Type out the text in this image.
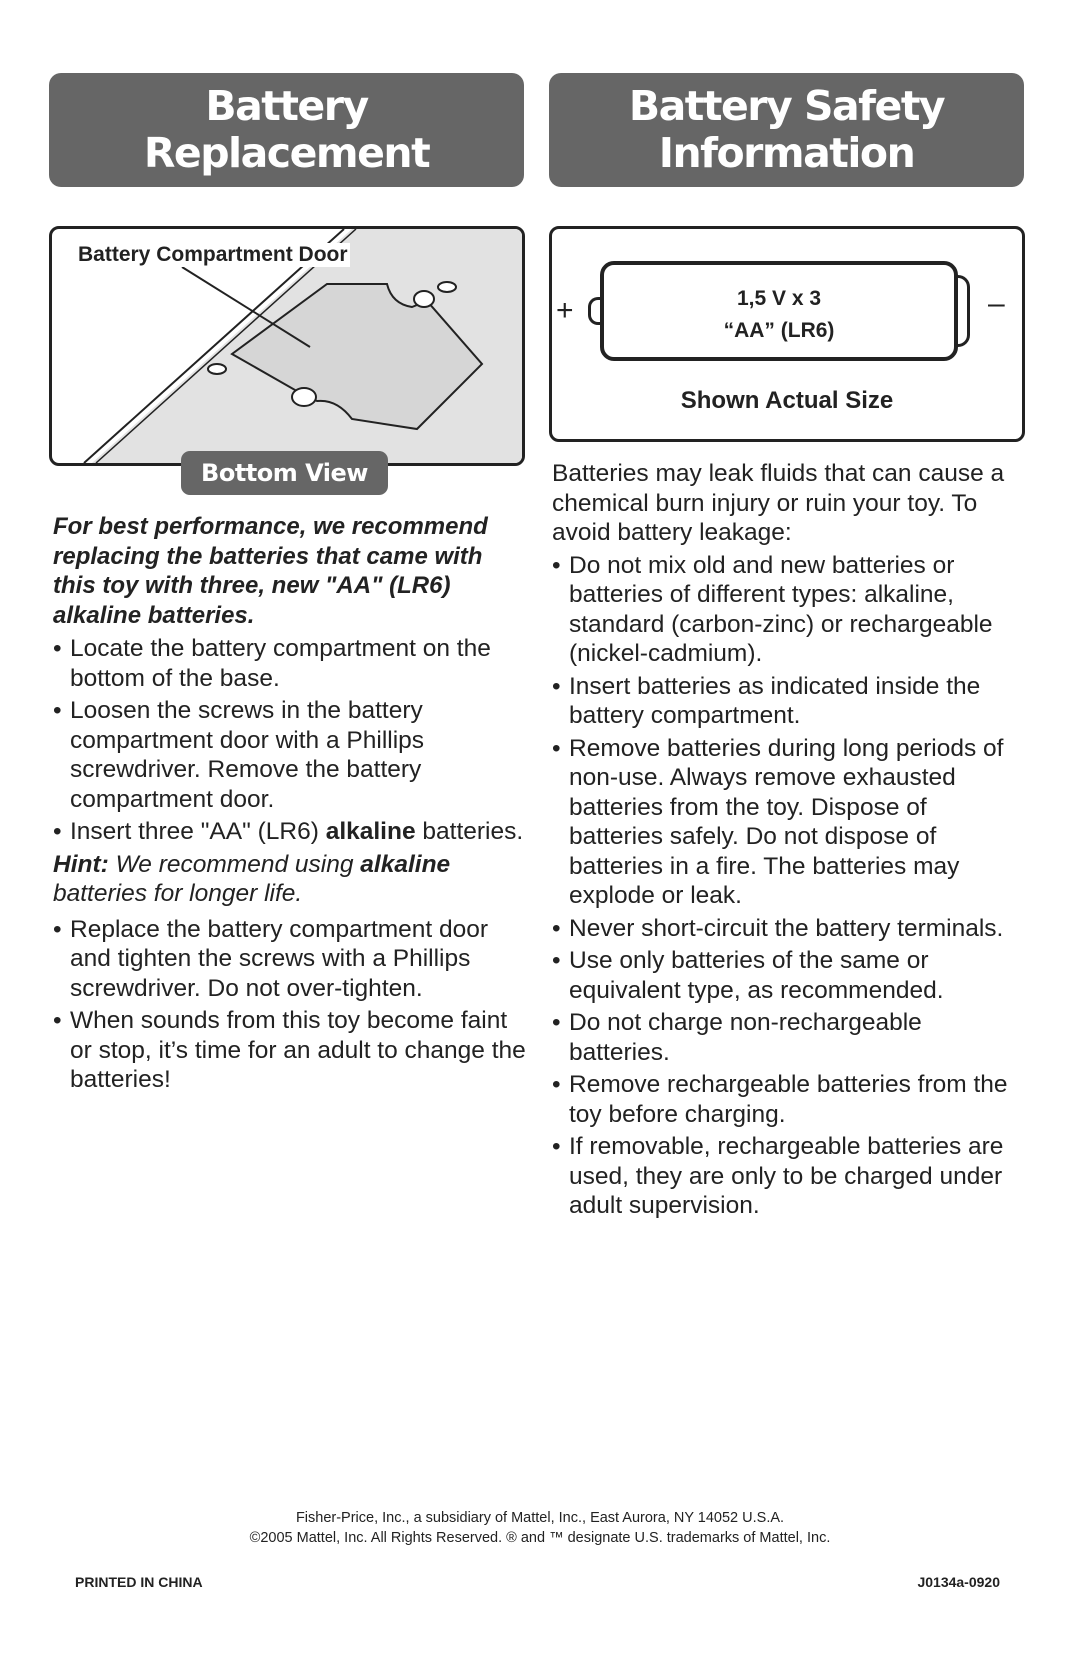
Battery
Replacement
Battery Safety
Information
Battery Compartment Door
Bottom View
+	1,5 V x 3
“AA” (LR6)
–
Shown Actual Size
For best performance, we recommend replacing the batteries that came with this toy with three, new "AA" (LR6) alkaline batteries.
• Locate the battery compartment on the bottom of the base.
• Loosen the screws in the battery compartment door with a Phillips screwdriver. Remove the battery compartment door.
• Insert three "AA" (LR6) alkaline batteries.
Hint: We recommend using alkaline batteries for longer life.
• Replace the battery compartment door and tighten the screws with a Phillips screwdriver. Do not over-tighten.
• When sounds from this toy become faint or stop, it’s time for an adult to change the batteries!
Batteries may leak fluids that can cause a chemical burn injury or ruin your toy. To avoid battery leakage:
• Do not mix old and new batteries or batteries of different types: alkaline, standard (carbon-zinc) or rechargeable (nickel-cadmium).
• Insert batteries as indicated inside the battery compartment.
• Remove batteries during long periods of non-use. Always remove exhausted batteries from the toy. Dispose of batteries safely. Do not dispose of batteries in a fire. The batteries may explode or leak.
• Never short-circuit the battery terminals.
• Use only batteries of the same or equivalent type, as recommended.
• Do not charge non-rechargeable batteries.
• Remove rechargeable batteries from the toy before charging.
• If removable, rechargeable batteries are used, they are only to be charged under adult supervision.
Fisher-Price, Inc., a subsidiary of Mattel, Inc., East Aurora, NY 14052 U.S.A.
©2005 Mattel, Inc. All Rights Reserved. ® and ™ designate U.S. trademarks of Mattel, Inc.
PRINTED IN CHINA	J0134a-0920
